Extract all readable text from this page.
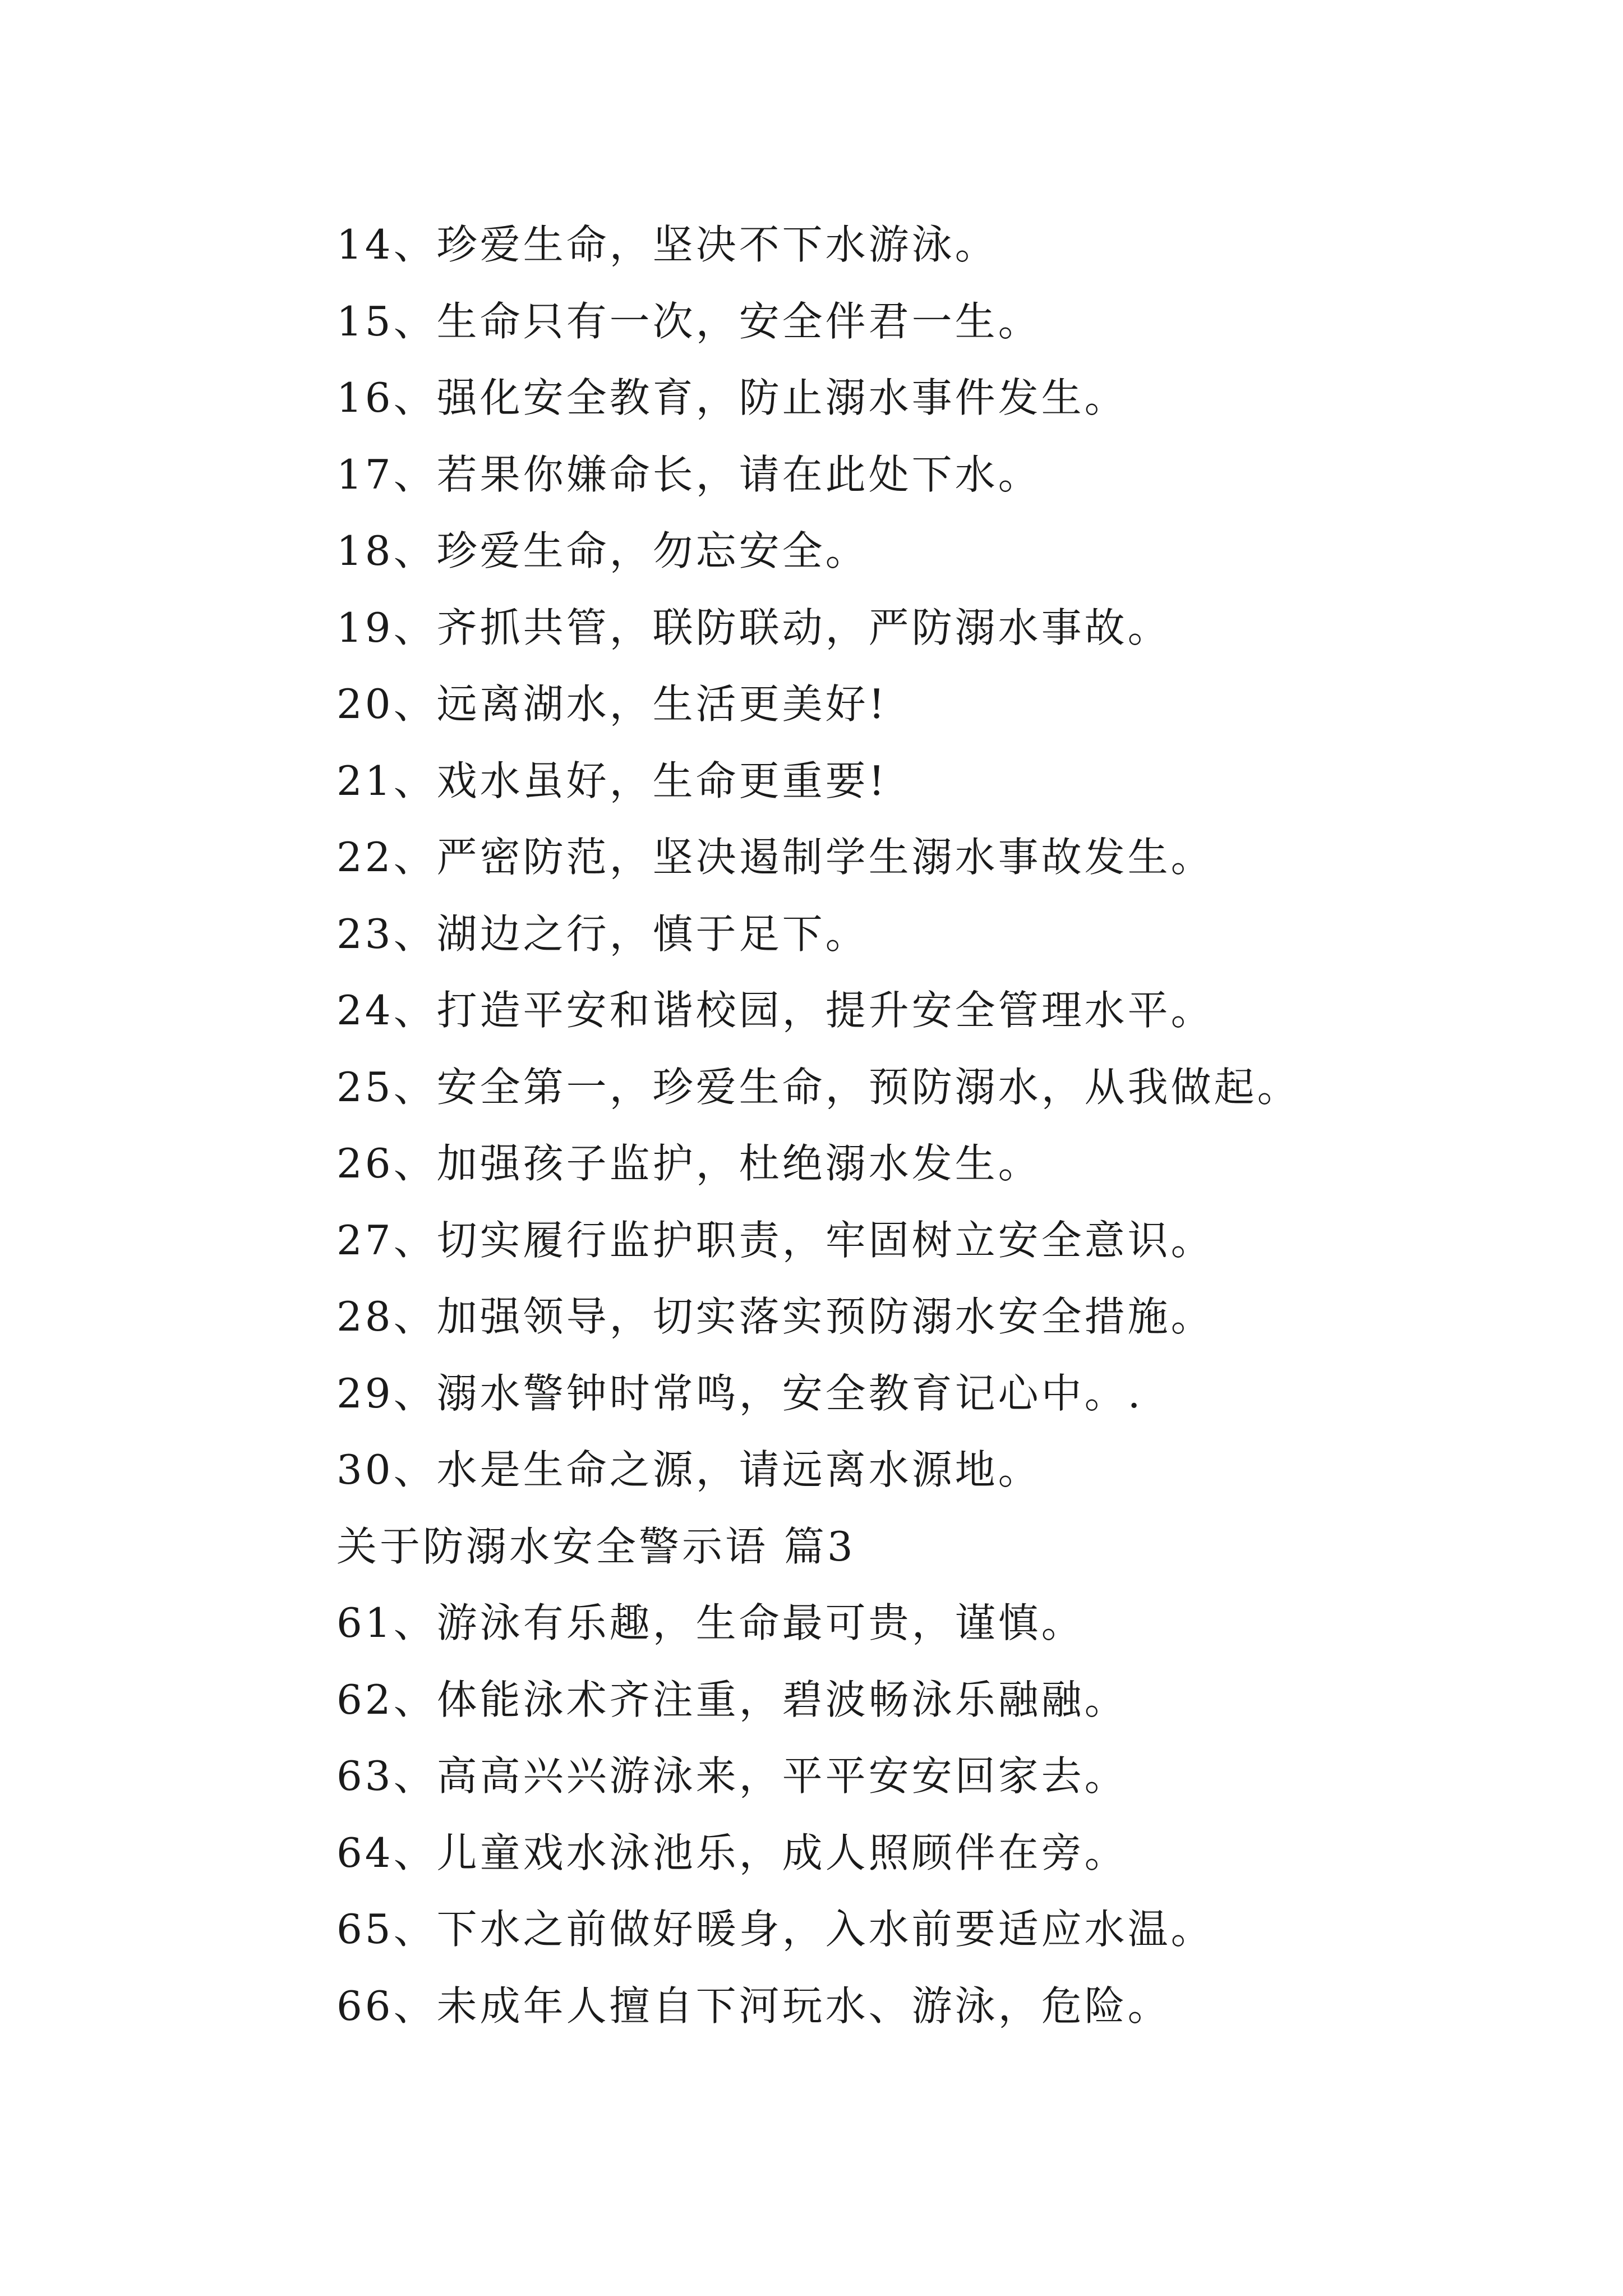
14、珍爱生命，坚决不下水游泳。
15、生命只有一次，安全伴君一生。
16、强化安全教育，防止溺水事件发生。
17、若果你嫌命长，请在此处下水。
18、珍爱生命，勿忘安全。
19、齐抓共管，联防联动，严防溺水事故。
20、远离湖水，生活更美好!
21、戏水虽好，生命更重要!
22、严密防范，坚决遏制学生溺水事故发生。
23、湖边之行，慎于足下。
24、打造平安和谐校园，提升安全管理水平。
25、安全第一，珍爱生命，预防溺水，从我做起。
26、加强孩子监护，杜绝溺水发生。
27、切实履行监护职责，牢固树立安全意识。
28、加强领导，切实落实预防溺水安全措施。
29、溺水警钟时常鸣，安全教育记心中。.
30、水是生命之源，请远离水源地。
关于防溺水安全警示语 篇3
61、游泳有乐趣，生命最可贵，谨慎。
62、体能泳术齐注重，碧波畅泳乐融融。
63、高高兴兴游泳来，平平安安回家去。
64、儿童戏水泳池乐，成人照顾伴在旁。
65、下水之前做好暖身，入水前要适应水温。
66、未成年人擅自下河玩水、游泳，危险。
